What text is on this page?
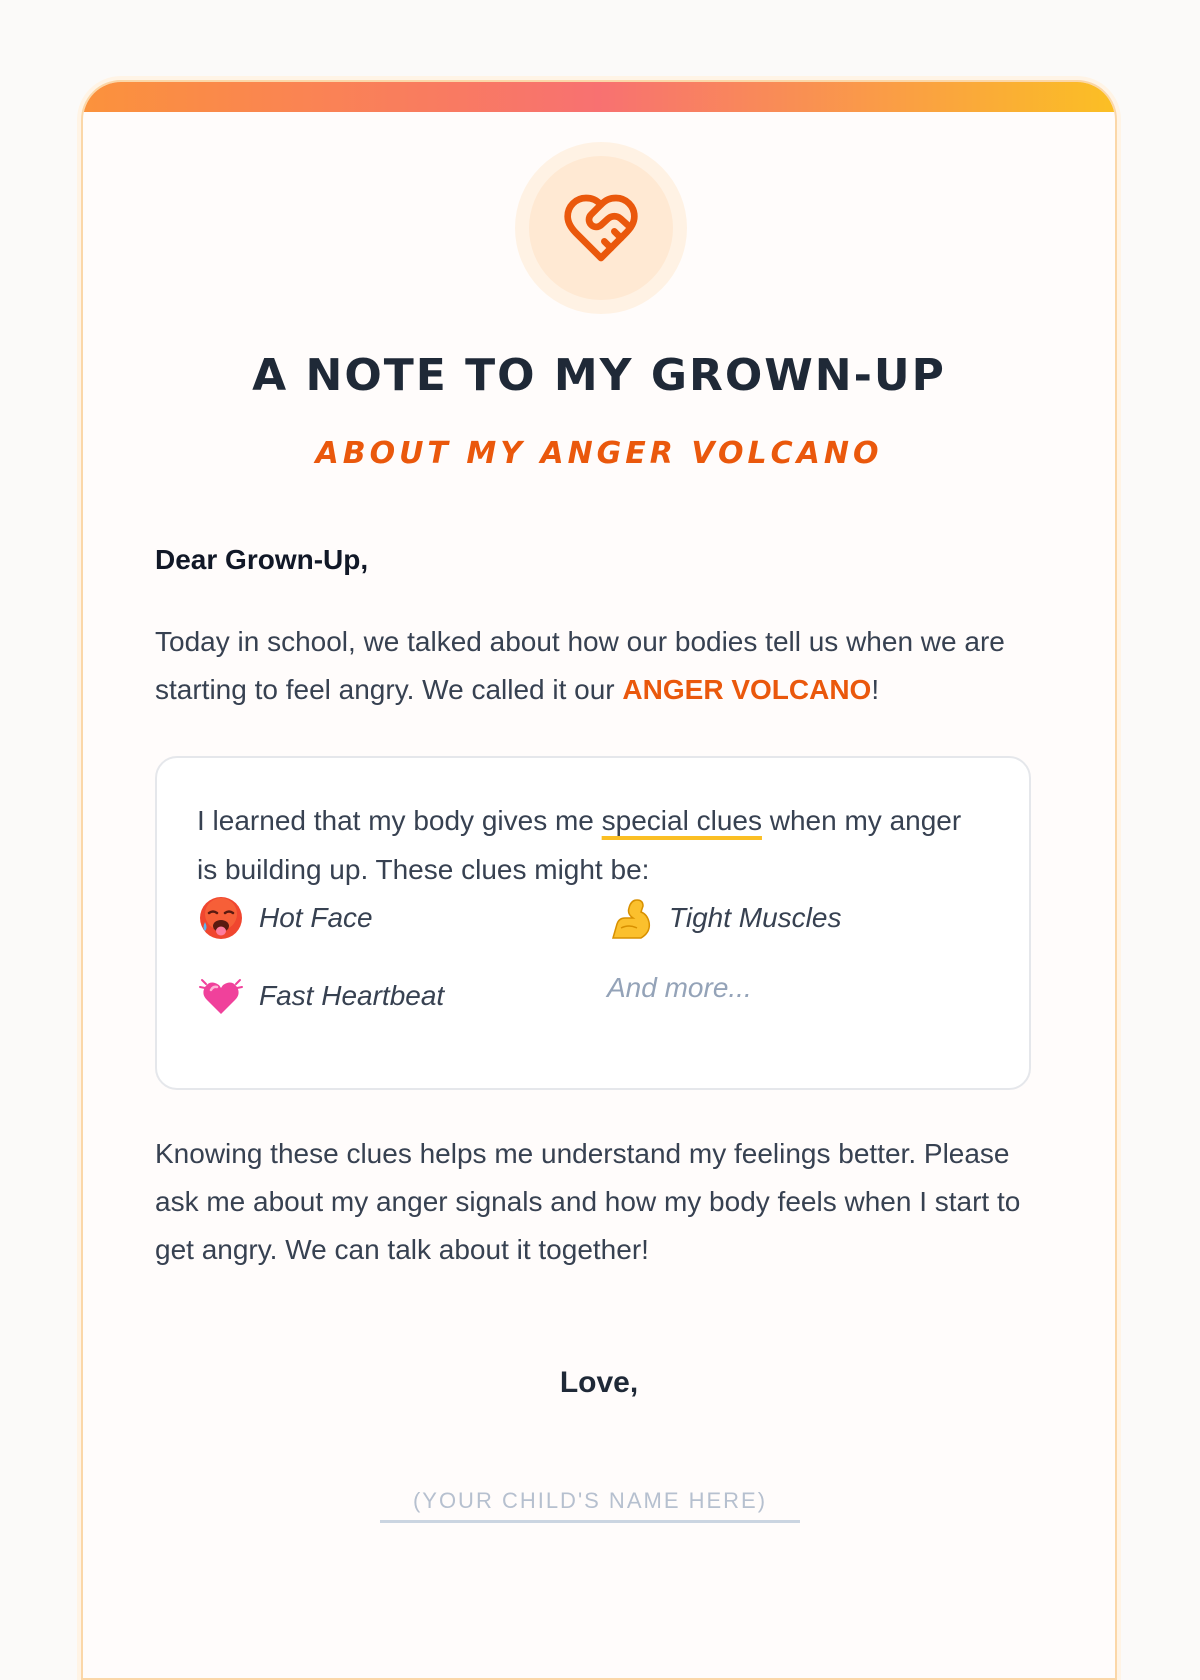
A NOTE TO MY GROWN-UP
ABOUT MY ANGER VOLCANO
Dear Grown-Up,
Today in school, we talked about how our bodies tell us when we are starting to feel angry. We called it our ANGER VOLCANO!
I learned that my body gives me special clues when my anger is building up. These clues might be:
Hot Face	Tight Muscles
Fast Heartbeat	And more...
Knowing these clues helps me understand my feelings better. Please ask me about my anger signals and how my body feels when I start to get angry. We can talk about it together!
Love,
(YOUR CHILD'S NAME HERE)
